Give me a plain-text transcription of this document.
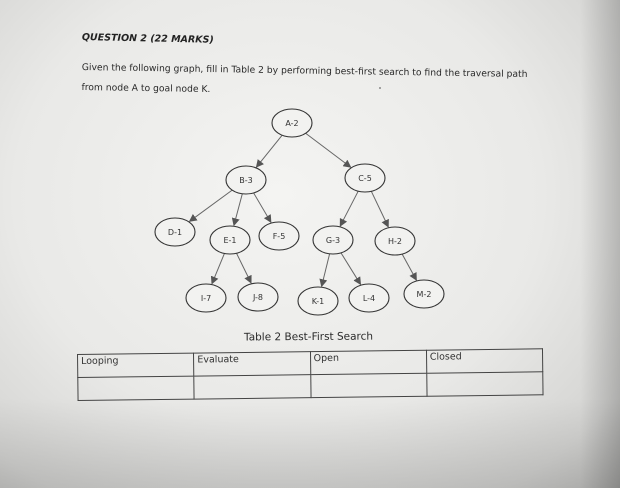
QUESTION 2 (22 MARKS)
Given the following graph, fill in Table 2 by performing best-first search to find the traversal path
from node A to goal node K.
A-2
B-3	C-5
D-1
E-1	F-5	G-3	H-2
I-7	J-8	K-1	L-4	M-2
Table 2 Best-First Search
Looping	Evaluate	Open	Closed
